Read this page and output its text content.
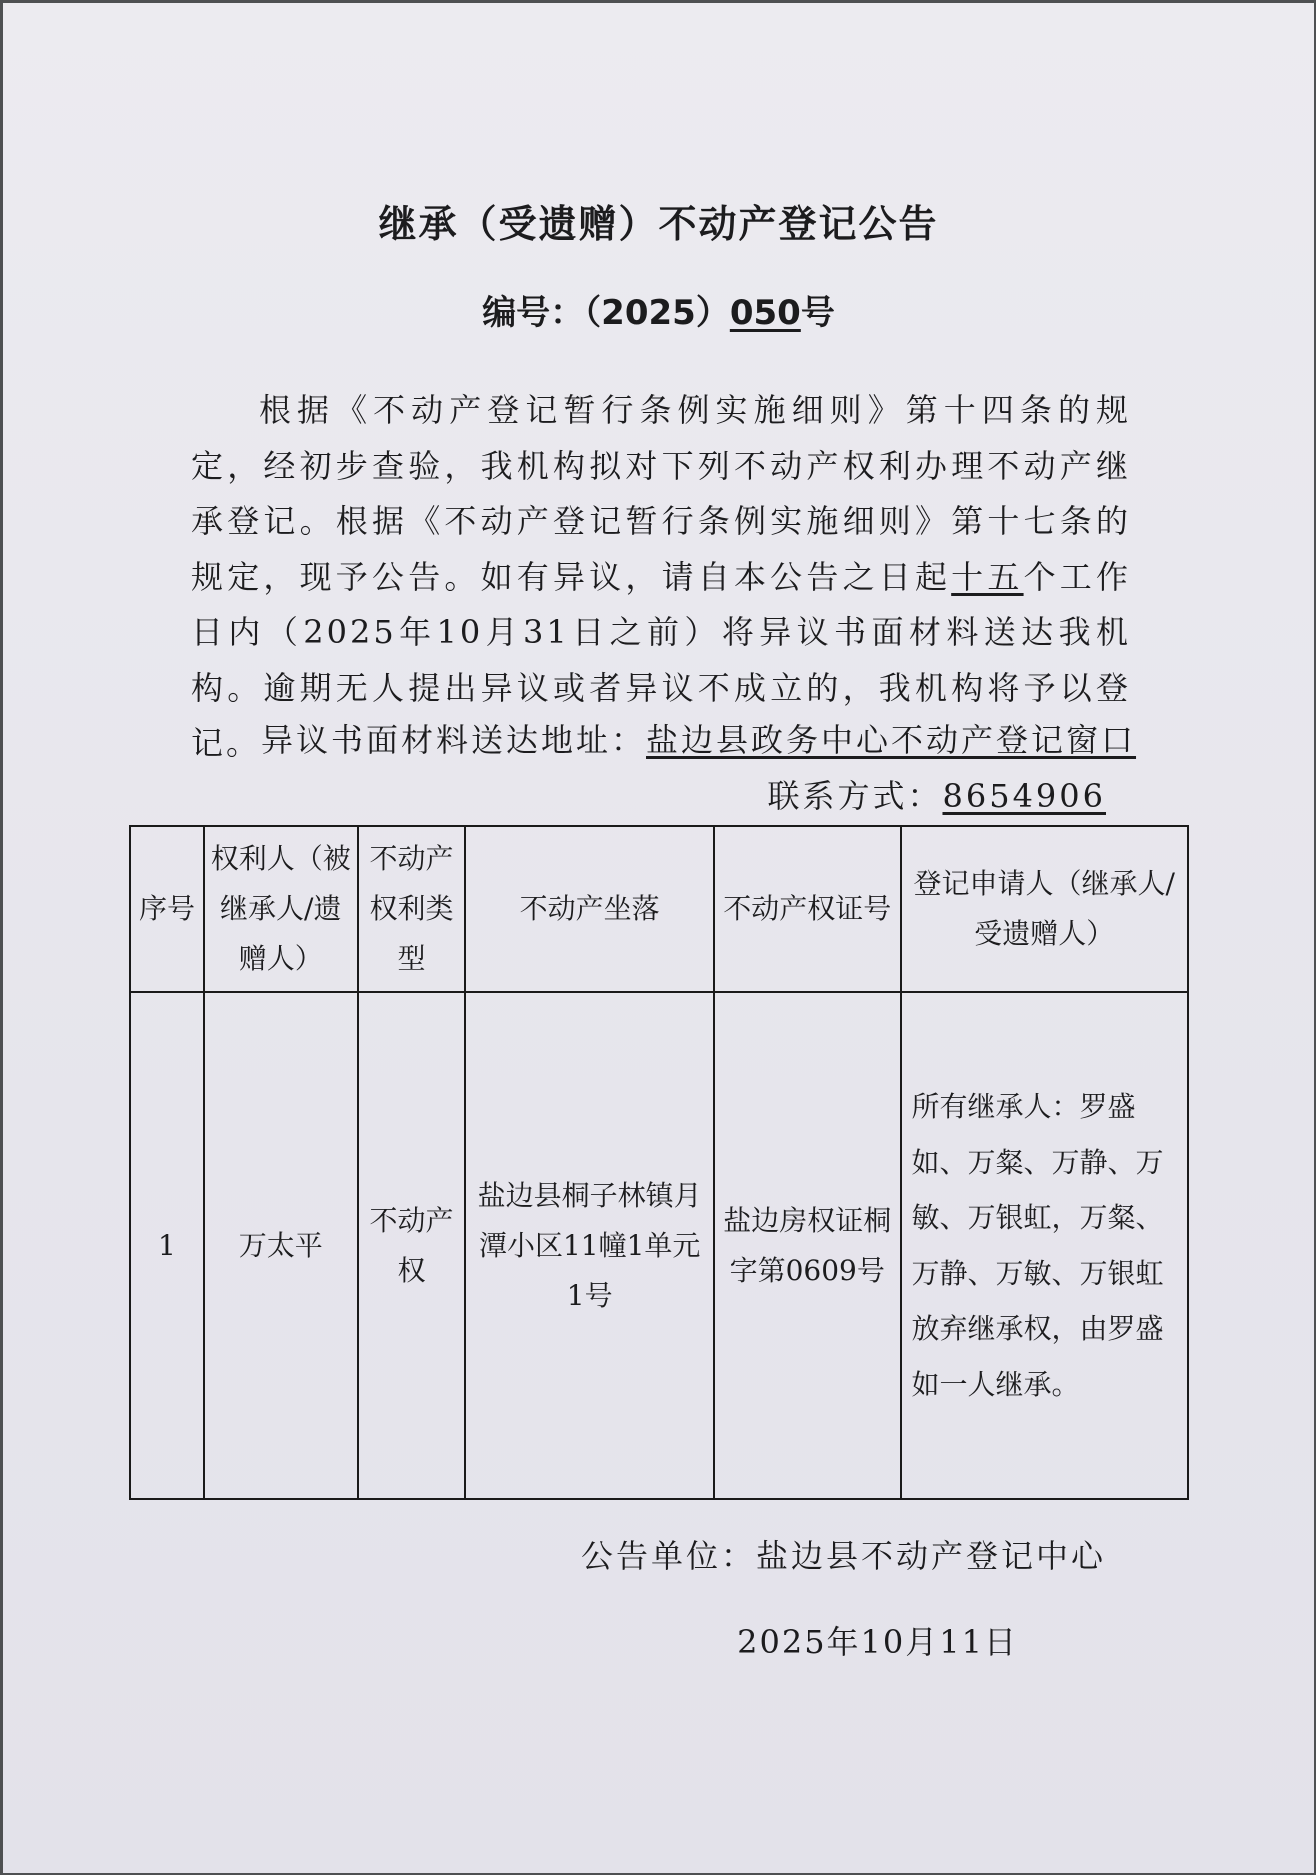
继承（受遗赠）不动产登记公告
编号：（2025）050号

根据《不动产登记暂行条例实施细则》第十四条的规定，经初步查验，我机构拟对下列不动产权利办理不动产继承登记。根据《不动产登记暂行条例实施细则》第十七条的规定，现予公告。如有异议，请自本公告之日起十五个工作日内（2025年10月31日之前）将异议书面材料送达我机构。逾期无人提出异议或者异议不成立的，我机构将予以登记。 异议书面材料送达地址：盐边县政务中心不动产登记窗口
联系方式：8654906
序号	权利人（被继承人/遗赠人）	不动产权利类型	不动产坐落	不动产权证号	登记申请人（继承人/受遗赠人）
1	万太平	不动产权	盐边县桐子林镇月潭小区11幢1单元1号	盐边房权证桐字第0609号	所有继承人：罗盛如、万粲、万静、万敏、万银虹，万粲、万静、万敏、万银虹放弃继承权，由罗盛如一人继承。
公告单位：盐边县不动产登记中心
2025年10月11日
